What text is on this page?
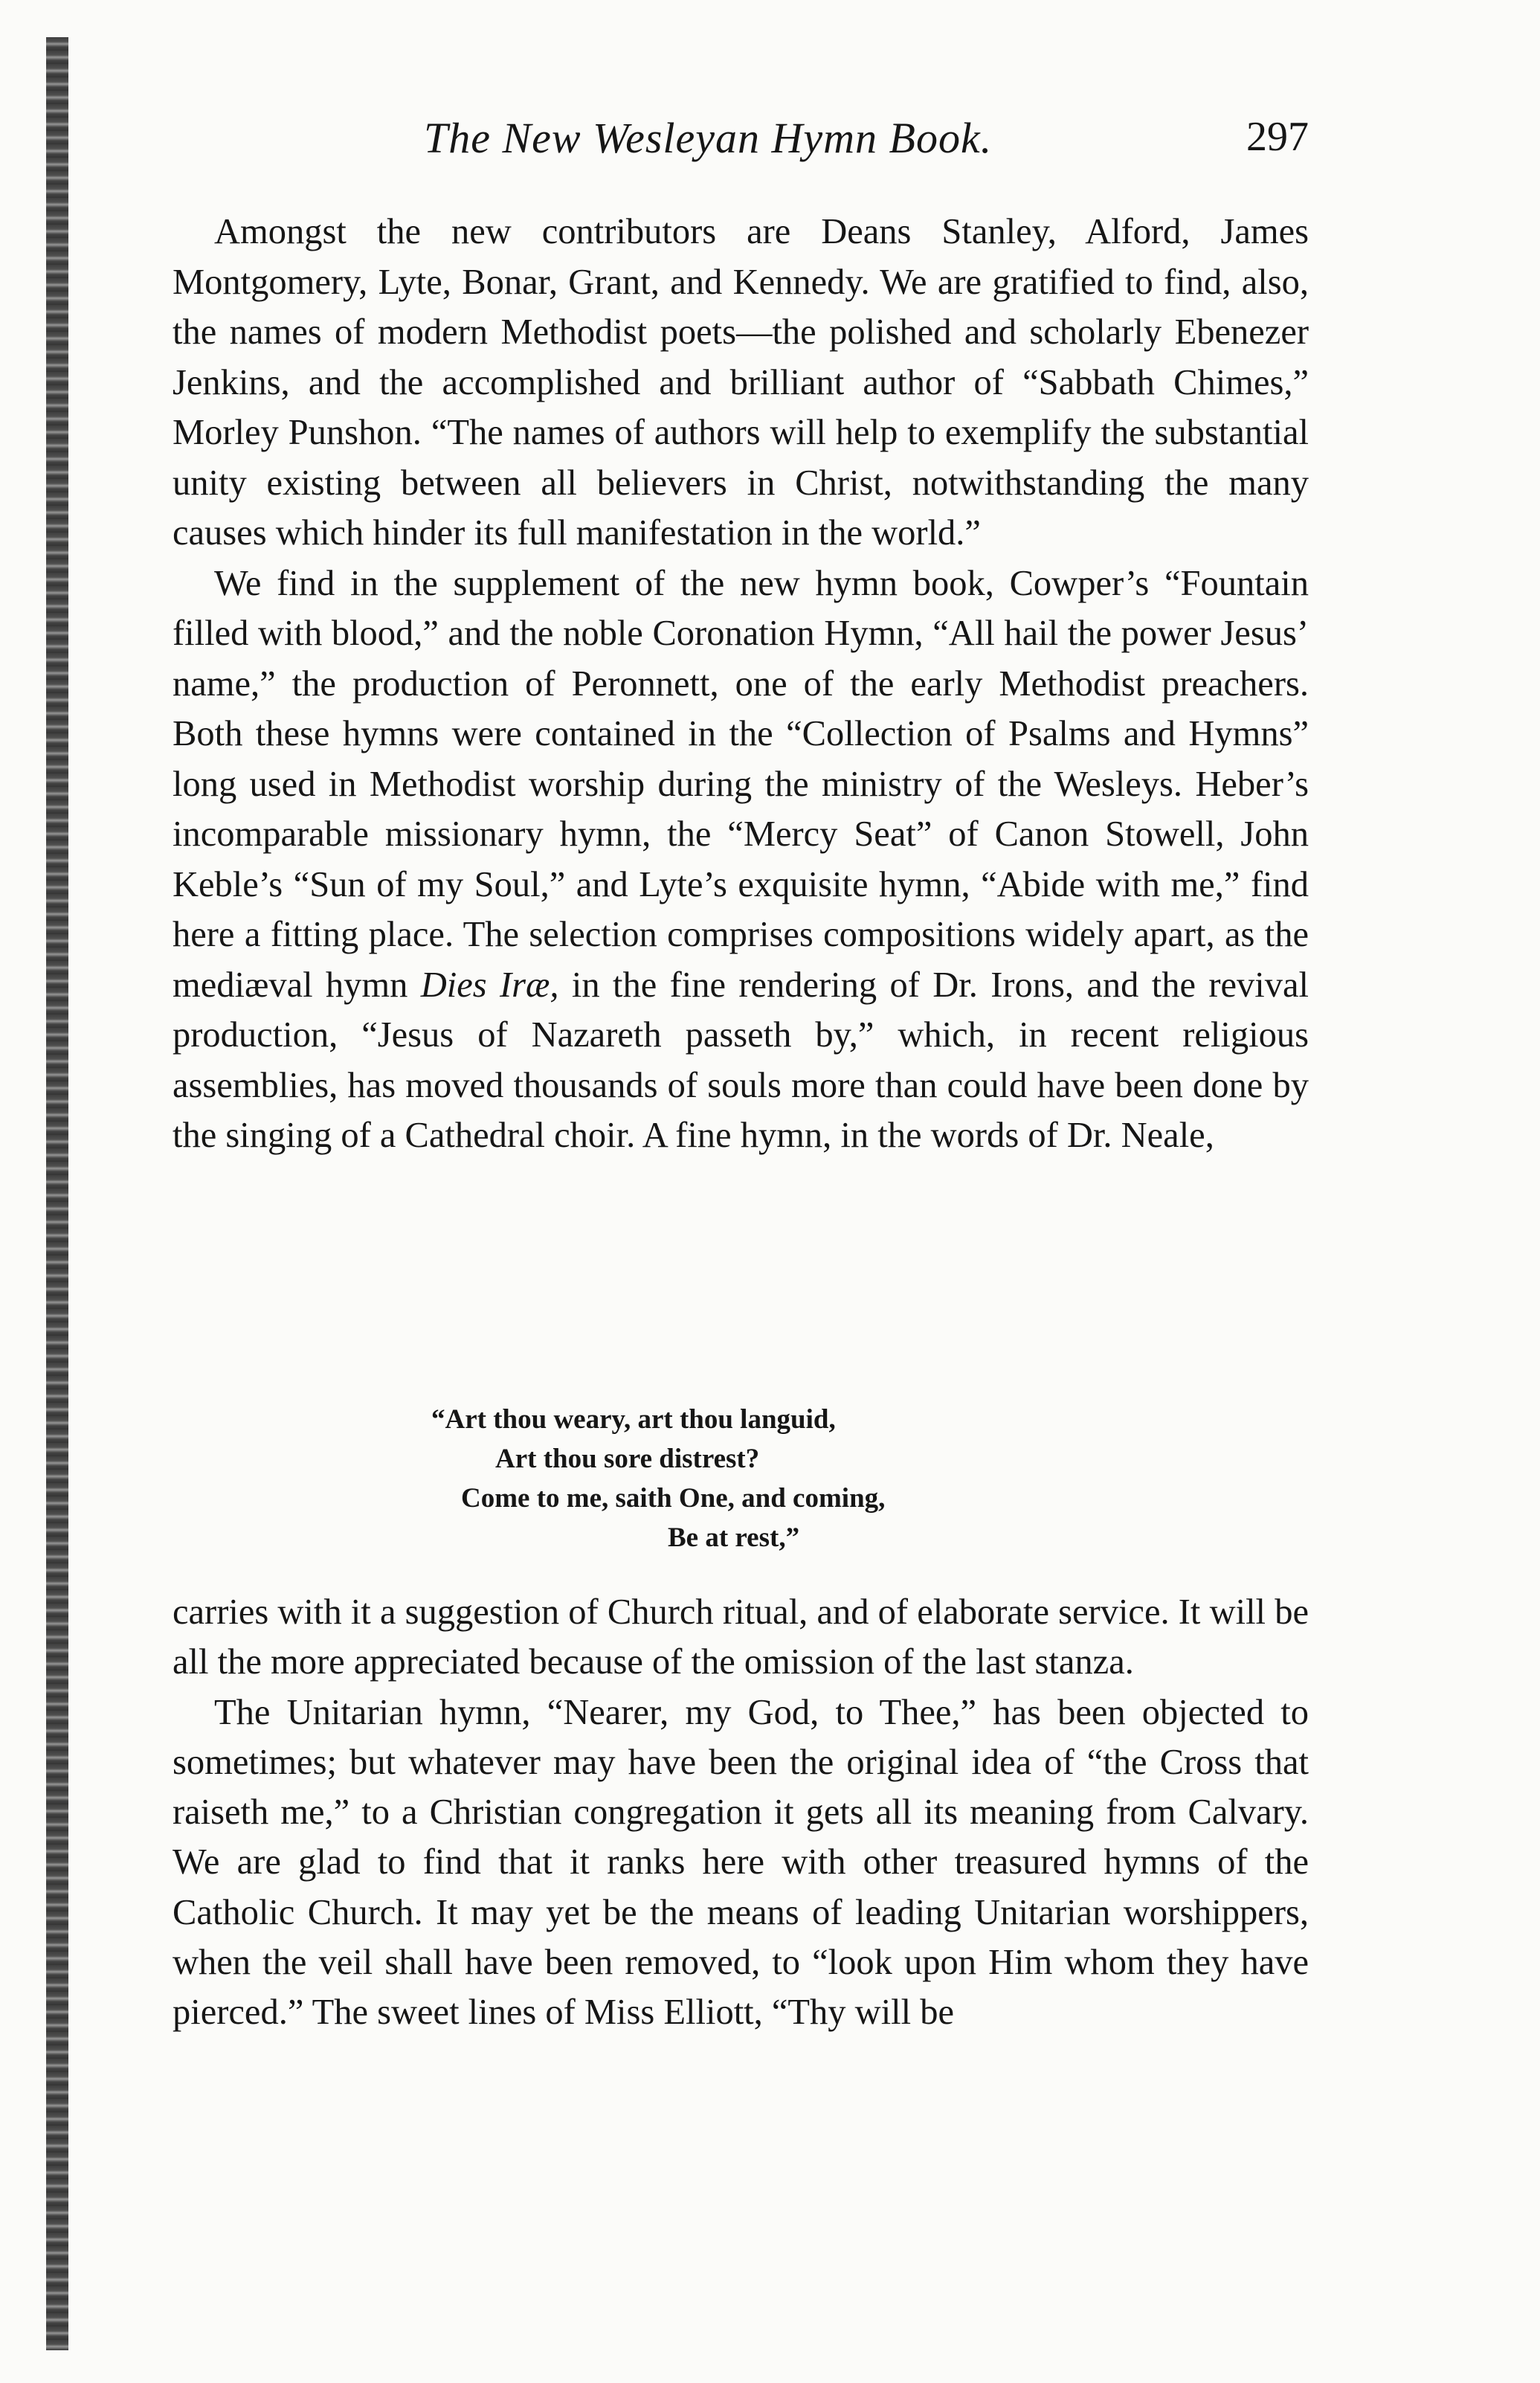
The New Wesleyan Hymn Book.	297

Amongst the new contributors are Deans Stanley, Alford, James Montgomery, Lyte, Bonar, Grant, and Kennedy. We are gratified to find, also, the names of modern Methodist poets—the polished and scholarly Ebenezer Jenkins, and the accomplished and brilliant author of “Sabbath Chimes,” Morley Punshon. “The names of authors will help to exemplify the substantial unity existing between all believers in Christ, notwithstanding the many causes which hinder its full manifestation in the world.”

We find in the supplement of the new hymn book, Cowper’s “Fountain filled with blood,” and the noble Coronation Hymn, “All hail the power Jesus’ name,” the production of Peronnett, one of the early Methodist preachers. Both these hymns were contained in the “Collection of Psalms and Hymns” long used in Methodist worship during the ministry of the Wesleys. Heber’s incomparable missionary hymn, the “Mercy Seat” of Canon Stowell, John Keble’s “Sun of my Soul,” and Lyte’s exquisite hymn, “Abide with me,” find here a fitting place. The selection comprises compositions widely apart, as the mediæval hymn Dies Iræ, in the fine rendering of Dr. Irons, and the revival production, “Jesus of Nazareth passeth by,” which, in recent religious assemblies, has moved thousands of souls more than could have been done by the singing of a Cathedral choir. A fine hymn, in the words of Dr. Neale,

“Art thou weary, art thou languid,
Art thou sore distrest?
Come to me, saith One, and coming,
Be at rest,”

carries with it a suggestion of Church ritual, and of elaborate service. It will be all the more appreciated because of the omission of the last stanza.

The Unitarian hymn, “Nearer, my God, to Thee,” has been objected to sometimes; but whatever may have been the original idea of “the Cross that raiseth me,” to a Christian congregation it gets all its meaning from Calvary. We are glad to find that it ranks here with other treasured hymns of the Catholic Church. It may yet be the means of leading Unitarian worshippers, when the veil shall have been removed, to “look upon Him whom they have pierced.” The sweet lines of Miss Elliott, “Thy will be
